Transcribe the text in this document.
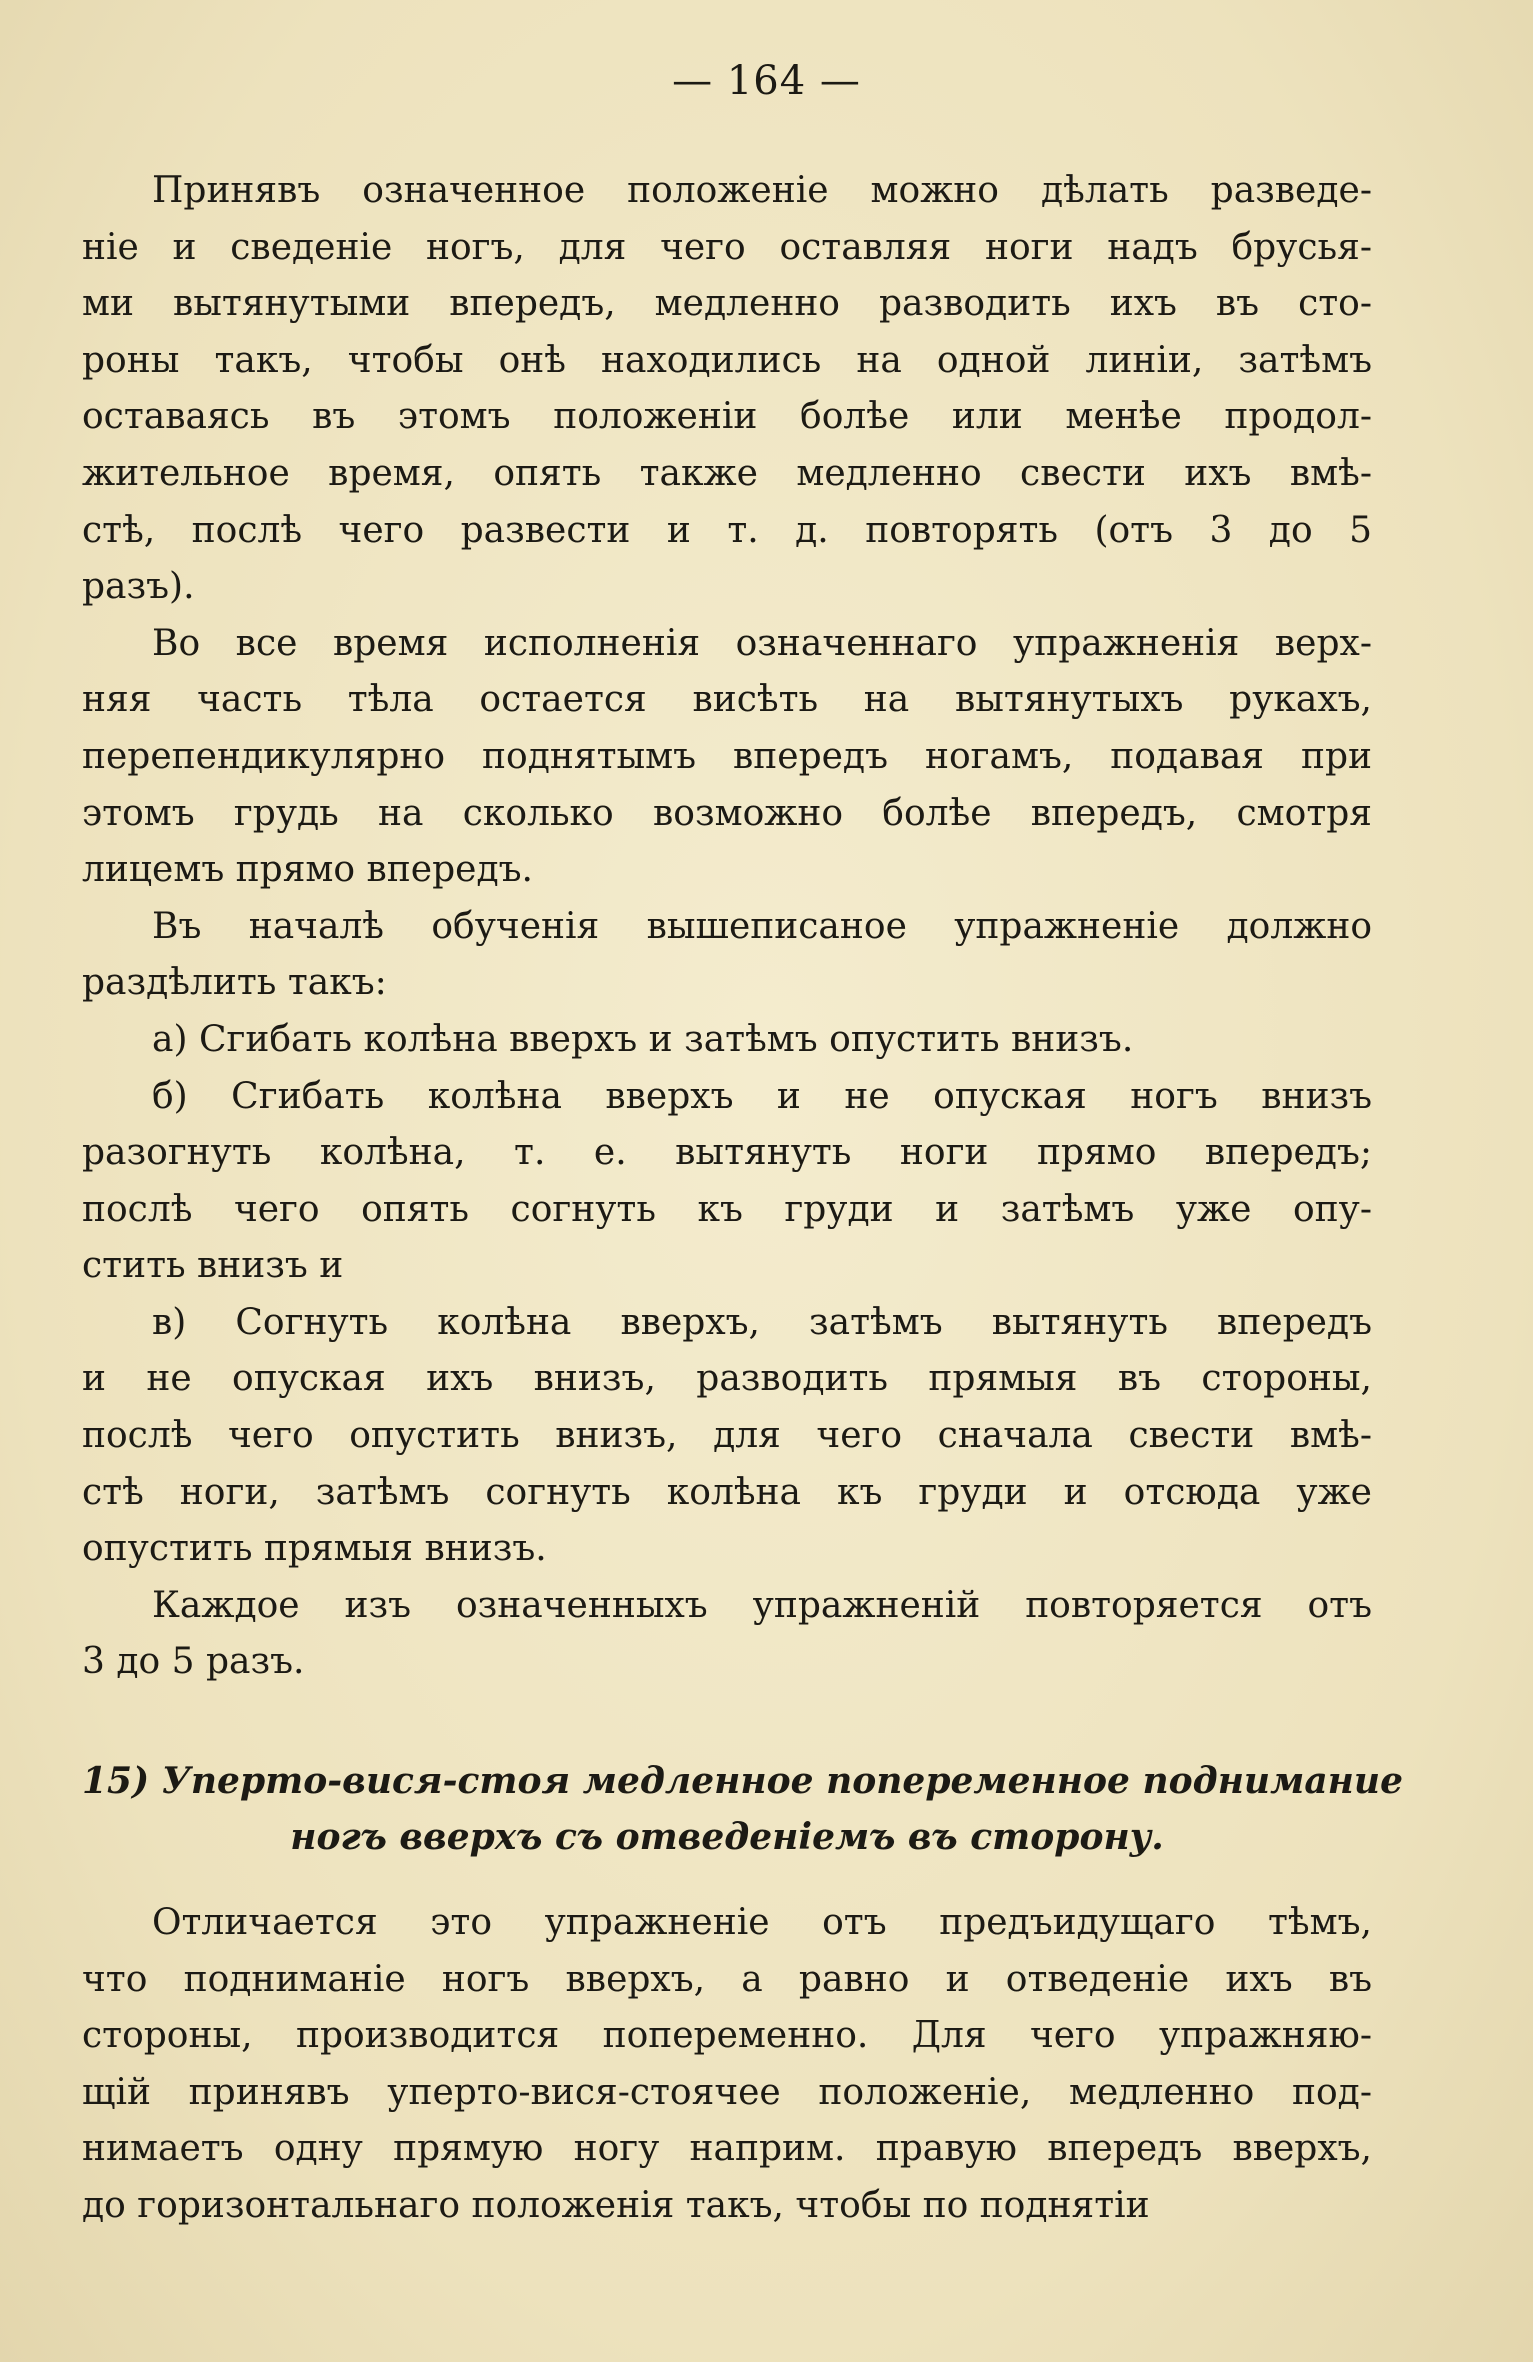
— 164 —
Принявъ означенное положенie можно дѣлать разведе-
нie и сведенie ногъ, для чего оставляя ноги надъ брусья-
ми вытянутыми впередъ, медленно разводить ихъ въ сто-
роны такъ, чтобы онѣ находились на одной линiи, затѣмъ
оставаясь въ этомъ положенiи болѣе или менѣе продол-
жительное время, опять также медленно свести ихъ вмѣ-
стѣ, послѣ чего развести и т. д. повторять (отъ 3 до 5
разъ).
Во все время исполненiя означеннаго упражненiя верх-
няя часть тѣла остается висѣть на вытянутыхъ рукахъ,
перепендикулярно поднятымъ впередъ ногамъ, подавая при
этомъ грудь на сколько возможно болѣе впередъ, смотря
лицемъ прямо впередъ.
Въ началѣ обученiя вышеписаное упражненie должно
раздѣлить такъ:
а) Сгибать колѣна вверхъ и затѣмъ опустить внизъ.
б) Сгибать колѣна вверхъ и не опуская ногъ внизъ
разогнуть колѣна, т. е. вытянуть ноги прямо впередъ;
послѣ чего опять согнуть къ груди и затѣмъ уже опу-
стить внизъ и
в) Согнуть колѣна вверхъ, затѣмъ вытянуть впередъ
и не опуская ихъ внизъ, разводить прямыя въ стороны,
послѣ чего опустить внизъ, для чего сначала свести вмѣ-
стѣ ноги, затѣмъ согнуть колѣна къ груди и отсюда уже
опустить прямыя внизъ.
Каждое изъ означенныхъ упражненiй повторяется отъ
3 до 5 разъ.
15) Уперто-вися-стоя медленное попеременное поднимание
ногъ вверхъ съ отведенiемъ въ сторону.
Отличается это упражненie отъ предъидущаго тѣмъ,
что подниманie ногъ вверхъ, а равно и отведенie ихъ въ
стороны, производится попеременно. Для чего упражняю-
щiй принявъ уперто-вися-стоячее положенie, медленно под-
нимаетъ одну прямую ногу наприм. правую впередъ вверхъ,
до горизонтальнаго положенiя такъ, чтобы по поднятiи
